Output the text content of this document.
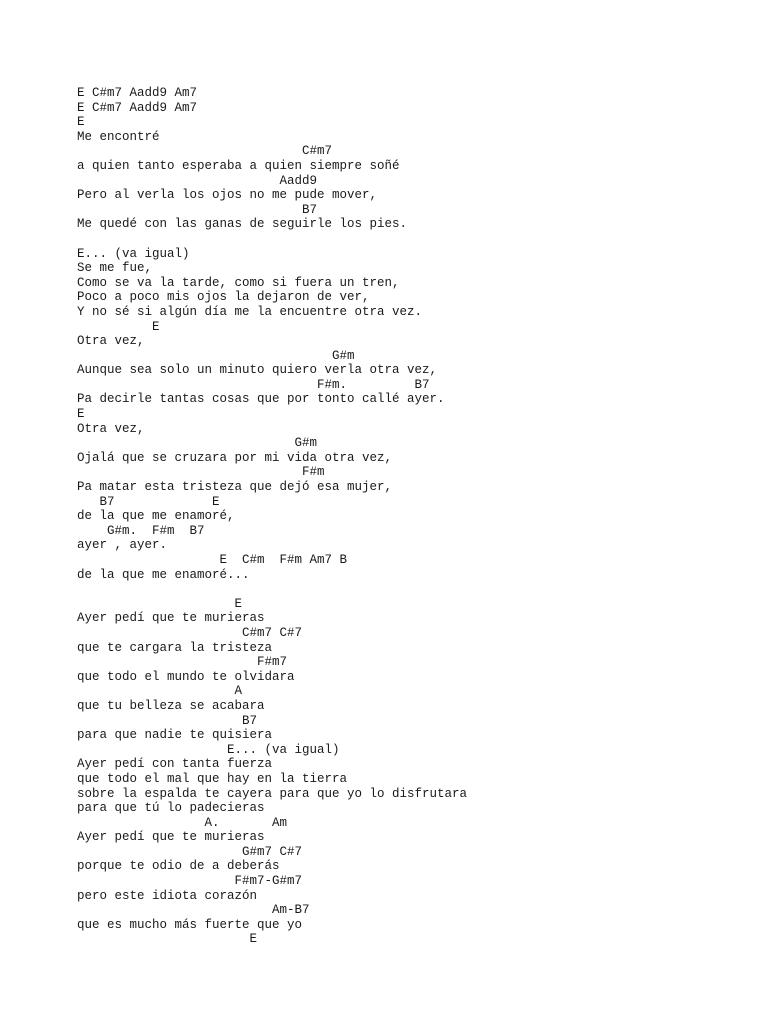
E C#m7 Aadd9 Am7
E C#m7 Aadd9 Am7
E
Me encontré
C#m7
a quien tanto esperaba a quien siempre soñé
Aadd9
Pero al verla los ojos no me pude mover,
B7
Me quedé con las ganas de seguirle los pies.
E... (va igual)
Se me fue,
Como se va la tarde, como si fuera un tren,
Poco a poco mis ojos la dejaron de ver,
Y no sé si algún día me la encuentre otra vez.
E
Otra vez,
G#m
Aunque sea solo un minuto quiero verla otra vez,
F#m.         B7
Pa decirle tantas cosas que por tonto callé ayer.
E
Otra vez,
G#m
Ojalá que se cruzara por mi vida otra vez,
F#m
Pa matar esta tristeza que dejó esa mujer,
B7             E
de la que me enamoré,
G#m.  F#m  B7
ayer , ayer.
E  C#m  F#m Am7 B
de la que me enamoré...
E
Ayer pedí que te murieras
C#m7 C#7
que te cargara la tristeza
F#m7
que todo el mundo te olvidara
A
que tu belleza se acabara
B7
para que nadie te quisiera
E... (va igual)
Ayer pedí con tanta fuerza
que todo el mal que hay en la tierra
sobre la espalda te cayera para que yo lo disfrutara
para que tú lo padecieras
A.       Am
Ayer pedí que te murieras
G#m7 C#7
porque te odio de a deberás
F#m7-G#m7
pero este idiota corazón
Am-B7
que es mucho más fuerte que yo
E
